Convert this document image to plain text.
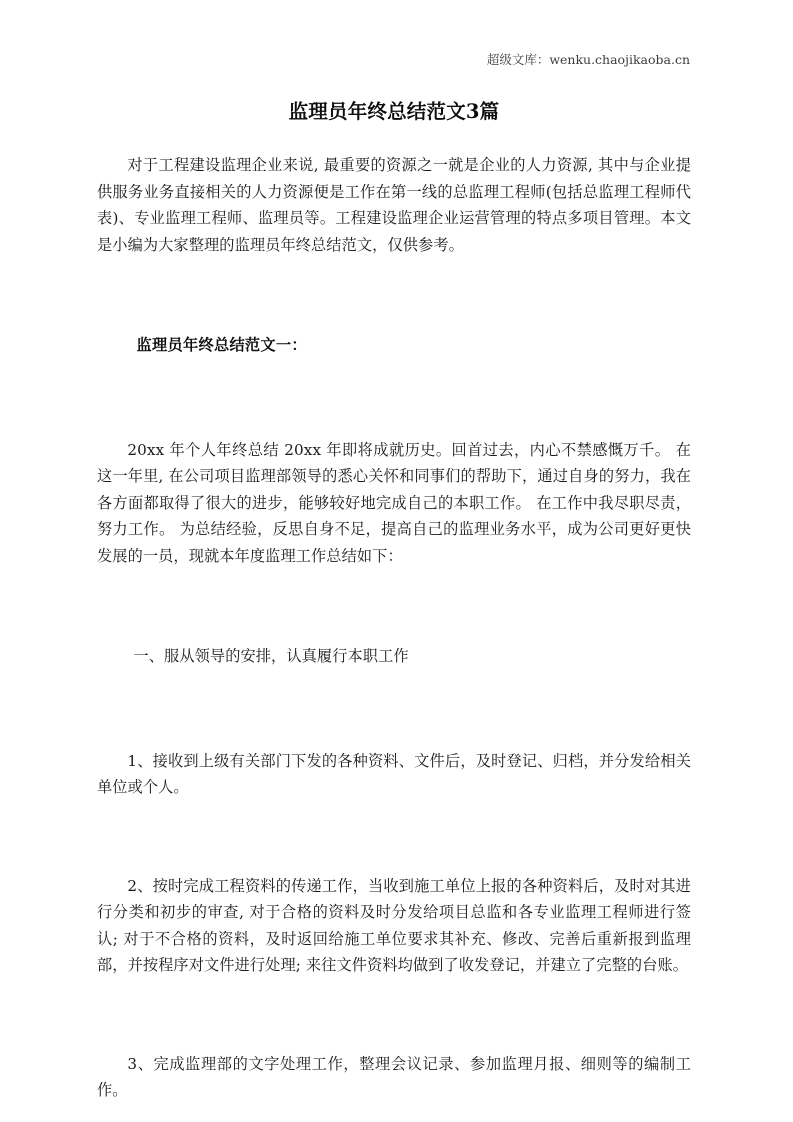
超级文库：wenku.chaojikaoba.cn
监理员年终总结范文3篇

对于工程建设监理企业来说, 最重要的资源之一就是企业的人力资源, 其中与企业提供服务业务直接相关的人力资源便是工作在第一线的总监理工程师(包括总监理工程师代表)、专业监理工程师、监理员等。工程建设监理企业运营管理的特点多项目管理。本文是小编为大家整理的监理员年终总结范文，仅供参考。

监理员年终总结范文一：

20xx 年个人年终总结 20xx 年即将成就历史。回首过去，内心不禁感慨万千。 在这一年里, 在公司项目监理部领导的悉心关怀和同事们的帮助下，通过自身的努力，我在各方面都取得了很大的进步，能够较好地完成自己的本职工作。 在工作中我尽职尽责，努力工作。 为总结经验，反思自身不足，提高自己的监理业务水平，成为公司更好更快发展的一员，现就本年度监理工作总结如下：

一、服从领导的安排，认真履行本职工作

1、接收到上级有关部门下发的各种资料、文件后，及时登记、归档，并分发给相关单位或个人。

2、按时完成工程资料的传递工作，当收到施工单位上报的各种资料后，及时对其进行分类和初步的审查, 对于合格的资料及时分发给项目总监和各专业监理工程师进行签认; 对于不合格的资料，及时返回给施工单位要求其补充、修改、完善后重新报到监理部，并按程序对文件进行处理; 来往文件资料均做到了收发登记，并建立了完整的台账。

3、完成监理部的文字处理工作，整理会议记录、参加监理月报、细则等的编制工作。
